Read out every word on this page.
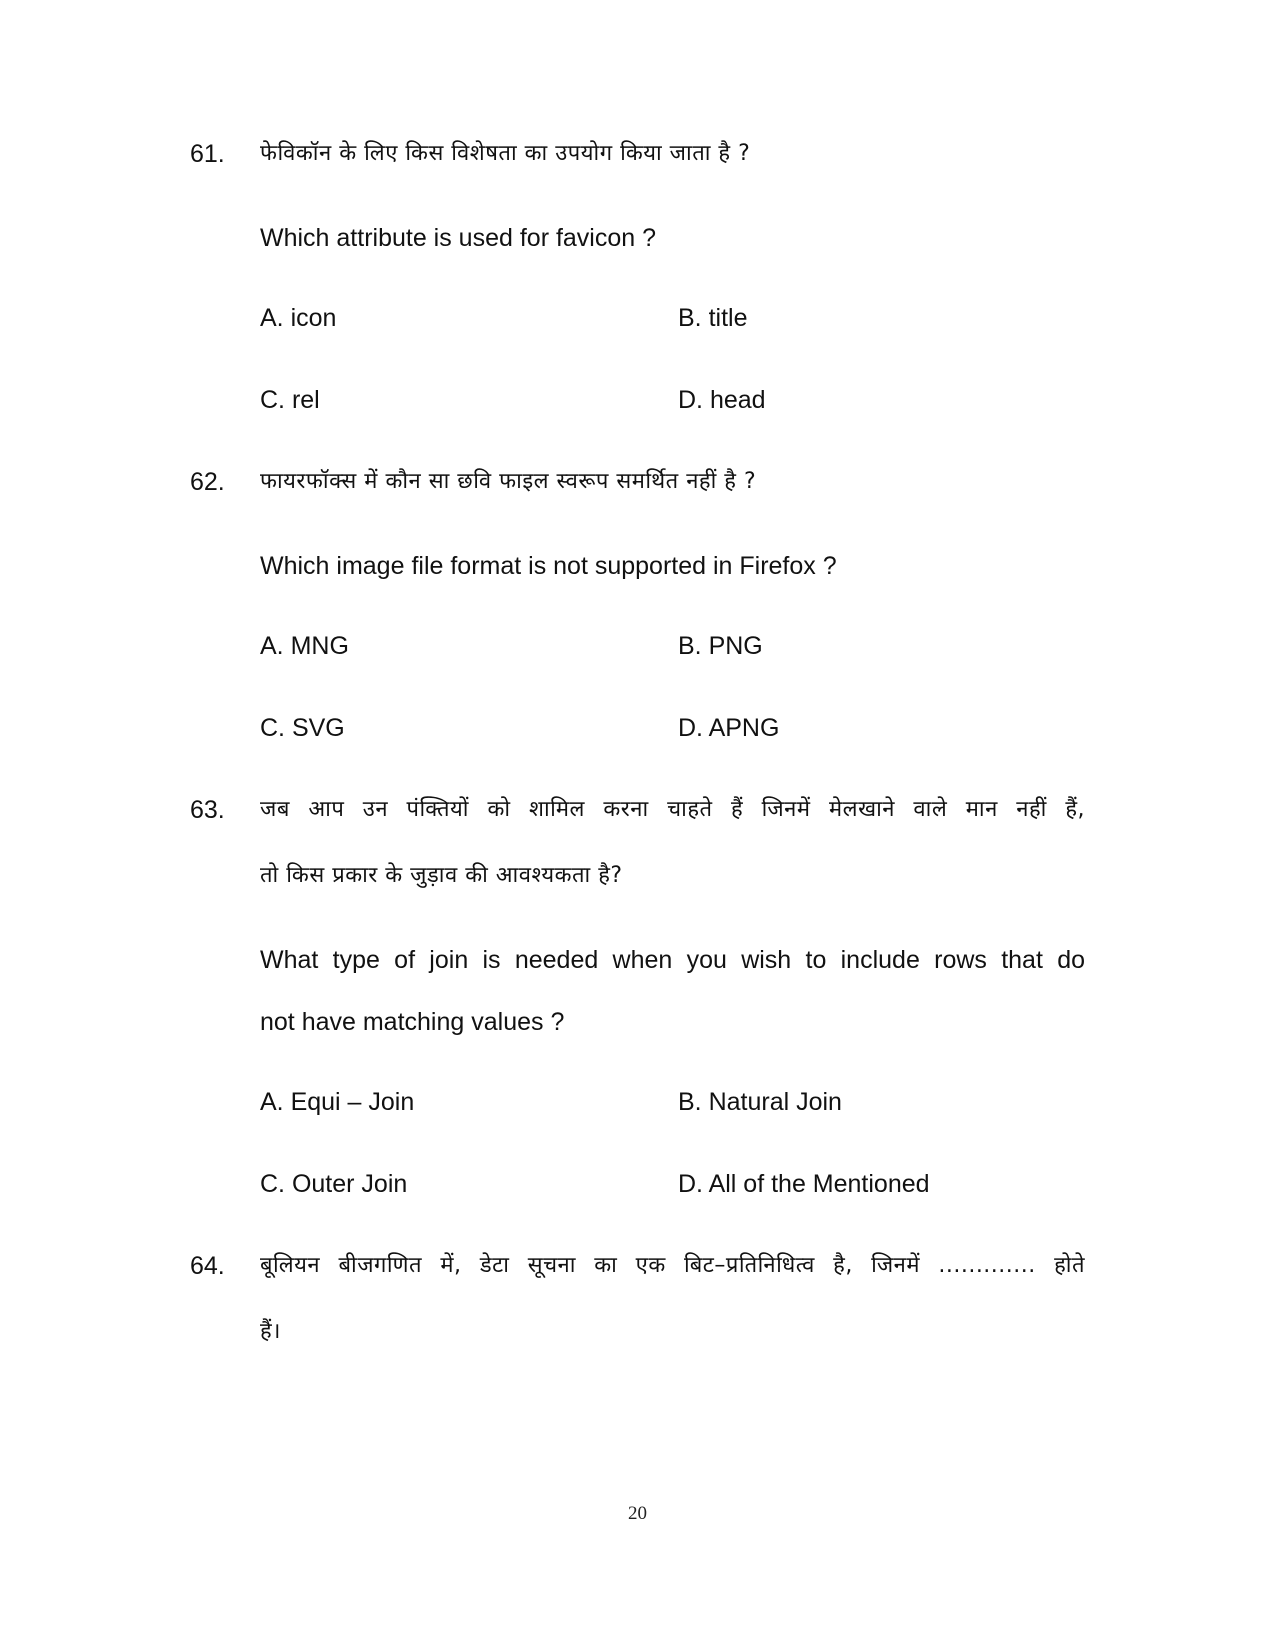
61. फेविकॉन के लिए किस विशेषता का उपयोग किया जाता है ?
Which attribute is used for favicon ?
A. icon	B. title
C. rel	D. head
62. फायरफॉक्स में कौन सा छवि फाइल स्वरूप समर्थित नहीं है ?
Which image file format is not supported in Firefox ?
A. MNG	B. PNG
C. SVG	D. APNG
63. जब आप उन पंक्तियों को शामिल करना चाहते हैं जिनमें मेलखाने वाले मान नहीं हैं,
तो किस प्रकार के जुड़ाव की आवश्यकता है?
What type of join is needed when you wish to include rows that do
not have matching values ?
A. Equi – Join	B. Natural Join
C. Outer Join	D. All of the Mentioned
64. बूलियन बीजगणित में, डेटा सूचना का एक बिट–प्रतिनिधित्व है, जिनमें ............. होते
हैं।
20
